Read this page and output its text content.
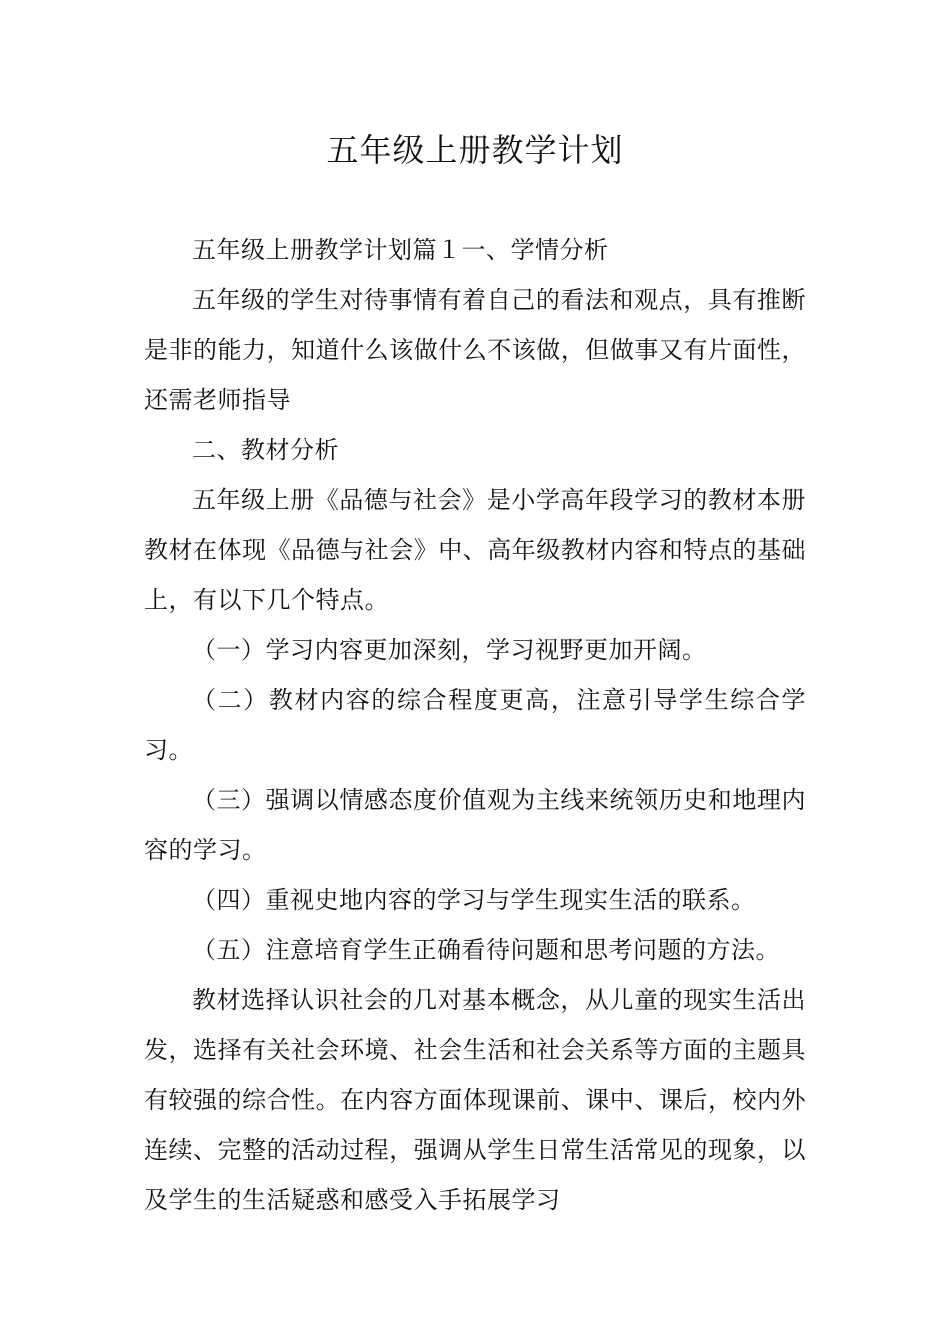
五年级上册教学计划

五年级上册教学计划篇１一、学情分析

五年级的学生对待事情有着自己的看法和观点，具有推断是非的能力，知道什么该做什么不该做，但做事又有片面性，还需老师指导

二、教材分析

五年级上册《品德与社会》是小学高年段学习的教材本册教材在体现《品德与社会》中、高年级教材内容和特点的基础上，有以下几个特点。

（一）学习内容更加深刻，学习视野更加开阔。

（二）教材内容的综合程度更高，注意引导学生综合学习。

（三）强调以情感态度价值观为主线来统领历史和地理内容的学习。

（四）重视史地内容的学习与学生现实生活的联系。

（五）注意培育学生正确看待问题和思考问题的方法。

教材选择认识社会的几对基本概念，从儿童的现实生活出发，选择有关社会环境、社会生活和社会关系等方面的主题具有较强的综合性。在内容方面体现课前、课中、课后，校内外连续、完整的活动过程，强调从学生日常生活常见的现象，以及学生的生活疑惑和感受入手拓展学习
